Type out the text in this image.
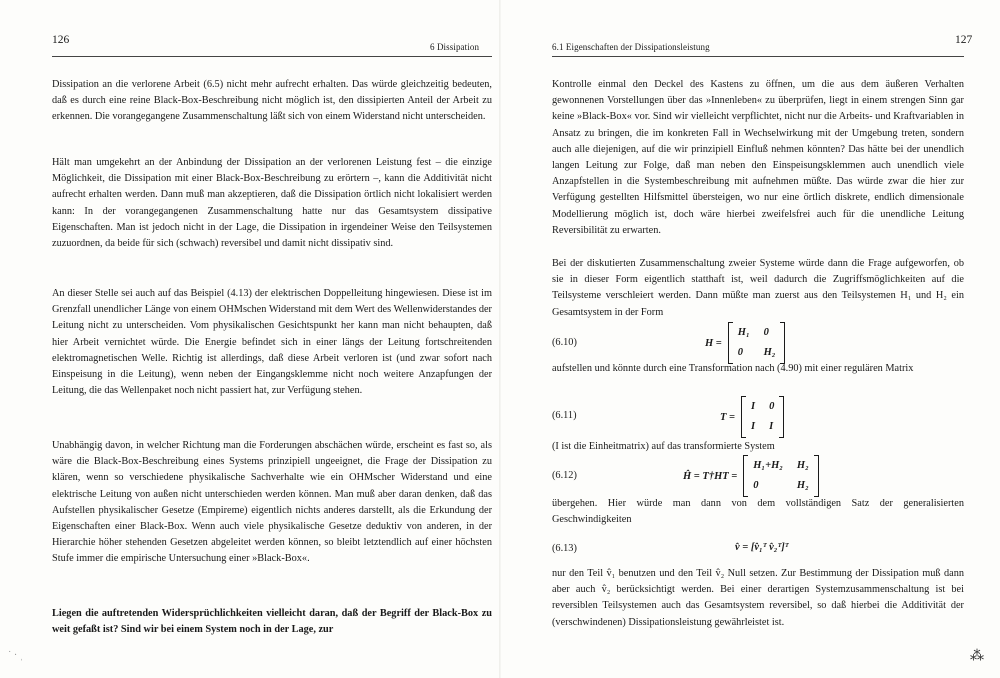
126
6 Dissipation

Dissipation an die verlorene Arbeit (6.5) nicht mehr aufrecht erhalten. Das würde gleichzeitig bedeuten, daß es durch eine reine Black-Box-Beschreibung nicht möglich ist, den dissipierten Anteil der Arbeit zu erkennen. Die vorangegangene Zusammenschaltung läßt sich von einem Widerstand nicht unterscheiden.

Hält man umgekehrt an der Anbindung der Dissipation an der verlorenen Leistung fest – die einzige Möglichkeit, die Dissipation mit einer Black-Box-Beschreibung zu erörtern –, kann die Additivität nicht aufrecht erhalten werden. Dann muß man akzeptieren, daß die Dissipation örtlich nicht lokalisiert werden kann: In der vorangegangenen Zusammenschaltung hatte nur das Gesamtsystem dissipative Eigenschaften. Man ist jedoch nicht in der Lage, die Dissipation in irgendeiner Weise den Teilsystemen zuzuordnen, da beide für sich (schwach) reversibel und damit nicht dissipativ sind.

An dieser Stelle sei auch auf das Beispiel (4.13) der elektrischen Doppelleitung hingewiesen. Diese ist im Grenzfall unendlicher Länge von einem OHMschen Widerstand mit dem Wert des Wellenwiderstandes der Leitung nicht zu unterscheiden. Vom physikalischen Gesichtspunkt her kann man nicht behaupten, daß hier Arbeit vernichtet würde. Die Energie befindet sich in einer längs der Leitung fortschreitenden elektromagnetischen Welle. Richtig ist allerdings, daß diese Arbeit verloren ist (und zwar sofort nach Einspeisung in die Leitung), wenn neben der Eingangsklemme nicht noch weitere Anzapfungen der Leitung, die das Wellenpaket noch nicht passiert hat, zur Verfügung stehen.

Unabhängig davon, in welcher Richtung man die Forderungen abschächen würde, erscheint es fast so, als wäre die Black-Box-Beschreibung eines Systems prinzipiell ungeeignet, die Frage der Dissipation zu klären, wenn so verschiedene physikalische Sachverhalte wie ein OHMscher Widerstand und eine elektrische Leitung von außen nicht unterschieden werden können. Man muß aber daran denken, daß das Aufstellen physikalischer Gesetze (Empireme) eigentlich nichts anderes darstellt, als die Erkundung der Eigenschaften einer Black-Box. Wenn auch viele physikalische Gesetze deduktiv von anderen, in der Hierarchie höher stehenden Gesetzen abgeleitet werden können, so bleibt letztendlich auf einer höchsten Stufe immer die empirische Untersuchung einer »Black-Box«.

Liegen die auftretenden Widersprüchlichkeiten vielleicht daran, daß der Begriff der Black-Box zu weit gefaßt ist? Sind wir bei einem System noch in der Lage, zur

˙ · ˌ
127
6.1 Eigenschaften der Dissipationsleistung

Kontrolle einmal den Deckel des Kastens zu öffnen, um die aus dem äußeren Verhalten gewonnenen Vorstellungen über das »Innenleben« zu überprüfen, liegt in einem strengen Sinn gar keine »Black-Box« vor. Sind wir vielleicht verpflichtet, nicht nur die Arbeits- und Kraftvariablen in Ansatz zu bringen, die im konkreten Fall in Wechselwirkung mit der Umgebung treten, sondern auch alle diejenigen, auf die wir prinzipiell Einfluß nehmen könnten? Das hätte bei der unendlich langen Leitung zur Folge, daß man neben den Einspeisungsklemmen auch unendlich viele Anzapfstellen in die Systembeschreibung mit aufnehmen müßte. Das würde zwar die hier zur Verfügung gestellten Hilfsmittel übersteigen, wo nur eine örtlich diskrete, endlich dimensionale Modellierung möglich ist, doch wäre hierbei zweifelsfrei auch für die unendliche Leitung Reversibilität zu erwarten.

Bei der diskutierten Zusammenschaltung zweier Systeme würde dann die Frage aufgeworfen, ob sie in dieser Form eigentlich statthaft ist, weil dadurch die Zugriffsmöglichkeiten auf die Teilsysteme verschleiert werden. Dann müßte man zuerst aus den Teilsystemen H₁ und H₂ ein Gesamtsystem in der Form

(6.10)	H =
H₁ 0
0	H₂

aufstellen und könnte durch eine Transformation nach (4.90) mit einer regulären Matrix

(6.11)	T =
I 0
I I

(I ist die Einheitmatrix) auf das transformierte System

(6.12)	Ĥ = T†HT =
H₁+H₂ H₂
0	H₂

übergehen. Hier würde man dann von dem vollständigen Satz der generalisierten Geschwindigkeiten

(6.13)	v̂ = [v̂₁ᵀ v̂₂ᵀ]ᵀ

nur den Teil v̂₁ benutzen und den Teil v̂₂ Null setzen. Zur Bestimmung der Dissipation muß dann aber auch v̂₂ berücksichtigt werden. Bei einer derartigen Systemzusammenschaltung ist bei reversiblen Teilsystemen auch das Gesamtsystem reversibel, so daß hierbei die Additivität der (verschwindenen) Dissipationsleistung gewährleistet ist.

⁂
